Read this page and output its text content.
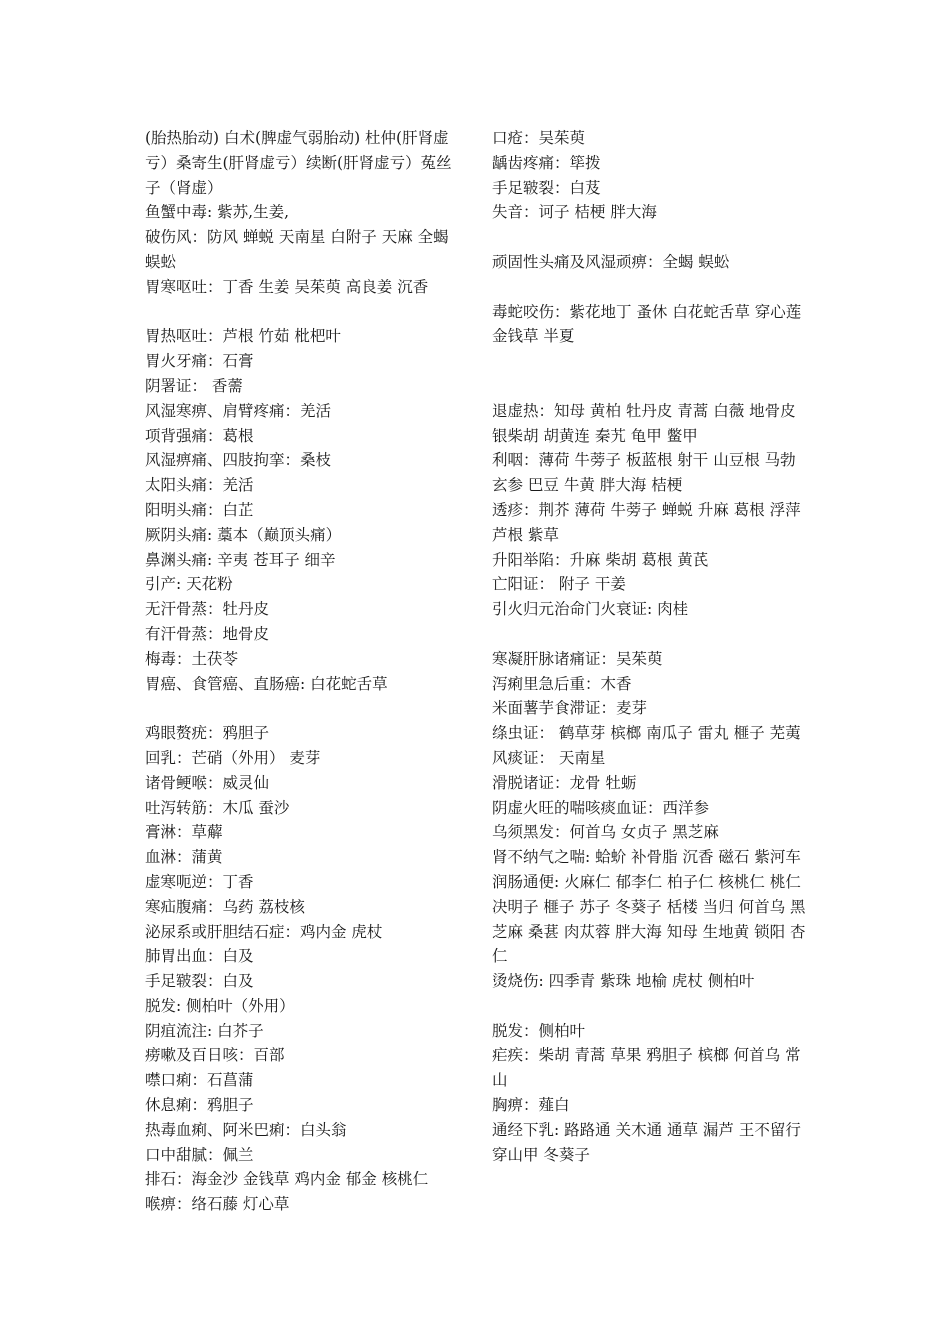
(胎热胎动) 白术(脾虚气弱胎动) 杜仲(肝肾虚亏）桑寄生(肝肾虚亏）续断(肝肾虚亏）菟丝子（肾虚）
鱼蟹中毒: 紫苏,生姜,
破伤风：防风 蝉蜕 天南星 白附子 天麻 全蝎 蜈蚣
胃寒呕吐：丁香 生姜 吴茱萸 高良姜 沉香
胃热呕吐：芦根 竹茹 枇杷叶
胃火牙痛：石膏
阴署证： 香薷
风湿寒痹、肩臂疼痛：羌活
项背强痛：葛根
风湿痹痛、四肢拘挛：桑枝
太阳头痛：羌活
阳明头痛：白芷
厥阴头痛: 藁本（巅顶头痛）
鼻渊头痛: 辛夷 苍耳子 细辛
引产: 天花粉
无汗骨蒸：牡丹皮
有汗骨蒸：地骨皮
梅毒：土茯苓
胃癌、食管癌、直肠癌: 白花蛇舌草
鸡眼赘疣：鸦胆子
回乳：芒硝（外用） 麦芽
诸骨鲠喉：威灵仙
吐泻转筋：木瓜 蚕沙
膏淋：草薢
血淋：蒲黄
虚寒呃逆：丁香
寒疝腹痛：乌药 荔枝核
泌尿系或肝胆结石症：鸡内金 虎杖
肺胃出血：白及
手足皲裂：白及
脱发: 侧柏叶（外用）
阴疽流注: 白芥子
痨嗽及百日咳：百部
噤口痢：石菖蒲
休息痢：鸦胆子
热毒血痢、阿米巴痢：白头翁
口中甜腻：佩兰
排石：海金沙 金钱草 鸡内金 郁金 核桃仁
喉痹：络石藤 灯心草
口疮：吴茱萸
龋齿疼痛：筚拨
手足皲裂：白芨
失音：诃子 桔梗 胖大海
顽固性头痛及风湿顽痹：全蝎 蜈蚣
毒蛇咬伤：紫花地丁 蚤休 白花蛇舌草 穿心莲 金钱草 半夏
退虚热：知母 黄柏 牡丹皮 青蒿 白薇 地骨皮 银柴胡 胡黄连 秦艽 龟甲 鳖甲
利咽：薄荷 牛蒡子 板蓝根 射干 山豆根 马勃 玄参 巴豆 牛黄 胖大海 桔梗
透疹：荆芥 薄荷 牛蒡子 蝉蜕 升麻 葛根 浮萍 芦根 紫草
升阳举陷：升麻 柴胡 葛根 黄芪
亡阳证： 附子 干姜
引火归元治命门火衰证: 肉桂
寒凝肝脉诸痛证：吴茱萸
泻痢里急后重：木香
米面薯芋食滞证：麦芽
绦虫证： 鹤草芽 槟榔 南瓜子 雷丸 榧子 芜荑
风痰证： 天南星
滑脱诸证：龙骨 牡蛎
阴虚火旺的喘咳痰血证：西洋参
乌须黑发：何首乌 女贞子 黑芝麻
肾不纳气之喘: 蛤蚧 补骨脂 沉香 磁石 紫河车
润肠通便: 火麻仁 郁李仁 柏子仁 核桃仁 桃仁 决明子 榧子 苏子 冬葵子 栝楼 当归 何首乌 黑芝麻 桑葚 肉苁蓉 胖大海 知母 生地黄 锁阳 杏仁
烫烧伤: 四季青 紫珠 地榆 虎杖 侧柏叶
脱发：侧柏叶
疟疾：柴胡 青蒿 草果 鸦胆子 槟榔 何首乌 常山
胸痹：薤白
通经下乳: 路路通 关木通 通草 漏芦 王不留行 穿山甲 冬葵子
